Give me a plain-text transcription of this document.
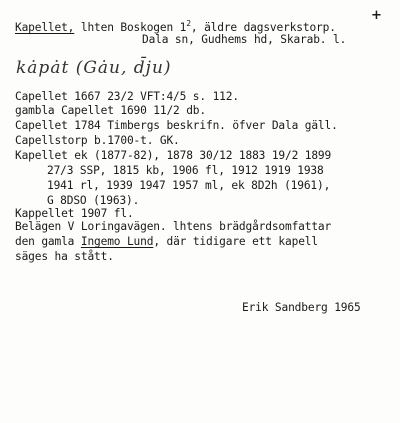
+
Kapellet, lhten Boskogen $1^2$, äldre dagsverkstorp.
Dala sn, Gudhems hd, Skarab. l.
kȧpȧt (Gȧu, d̄ju)
Capellet 1667 23/2 VFT:4/5 s. 112.
gambla Capellet 1690 11/2 db.
Capellet 1784 Timbergs beskrifn. öfver Dala gäll.
Capellstorp b.1700-t. GK.
Kapellet ek (1877-82), 1878 30/12 1883 19/2 1899
27/3 SSP, 1815 kb, 1906 fl, 1912 1919 1938
1941 rl, 1939 1947 1957 ml, ek 8D2h (1961),
G 8DSO (1963).
Kappellet 1907 fl.
Belägen V Loringavägen. lhtens brädgårdsomfattar
den gamla Ingemo Lund, där tidigare ett kapell
säges ha stått.
Erik Sandberg 1965
